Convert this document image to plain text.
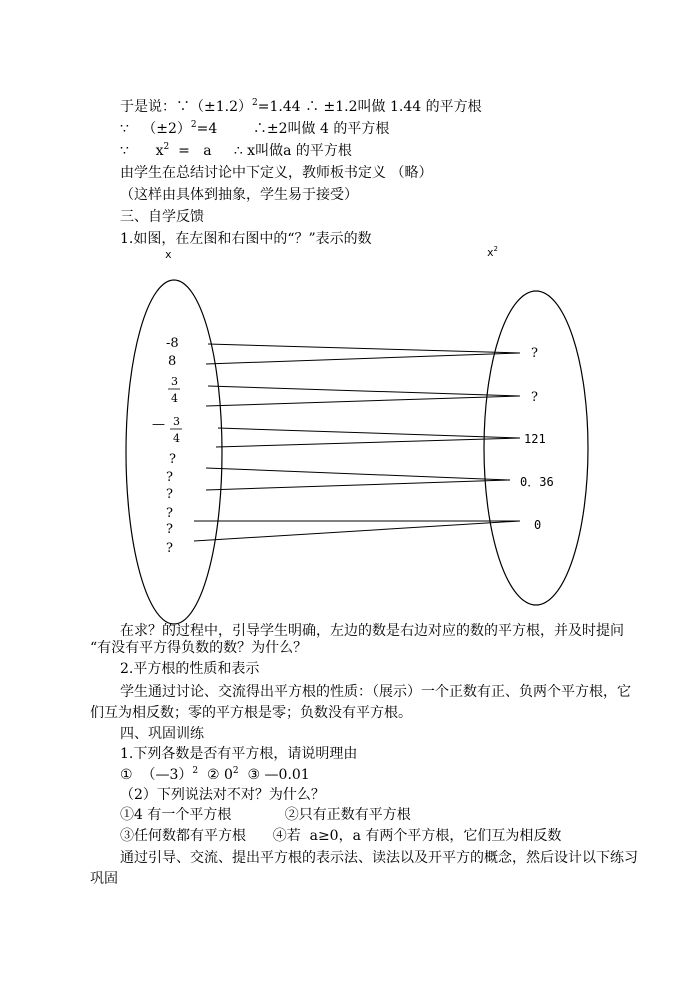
于是说：$\because(\pm 1.2)^2=1.44$ ∴ ±1.2叫做 1.44 的平方根
∵   $(\pm 2)^2=4$        ∴±2叫做 4 的平方根
∵      $x^2 = a$     ∴ x叫做a 的平方根
由学生在总结讨论中下定义，教师板书定义 （略）
（这样由具体到抽象，学生易于接受）
三、自学反馈
1.如图，在左图和右图中的“？”表示的数
x	$x^2$
-8
8
3
4
— 3
4
?
?
?
?
?
?
?
?
121
0．36
0
在求？的过程中，引导学生明确，左边的数是右边对应的数的平方根，并及时提问
“有没有平方得负数的数？为什么？
2.平方根的性质和表示
学生通过讨论、交流得出平方根的性质：（展示）一个正数有正、负两个平方根，它
们互为相反数；零的平方根是零；负数没有平方根。
四、巩固训练
1.下列各数是否有平方根，请说明理由
①  （—3）$^2$  ② $0^2$  ③ —0.01
（2）下列说法对不对？为什么？
①4 有一个平方根            ②只有正数有平方根
③任何数都有平方根      ④若  a≥0，a 有两个平方根，它们互为相反数
通过引导、交流、提出平方根的表示法、读法以及开平方的概念，然后设计以下练习
巩固
